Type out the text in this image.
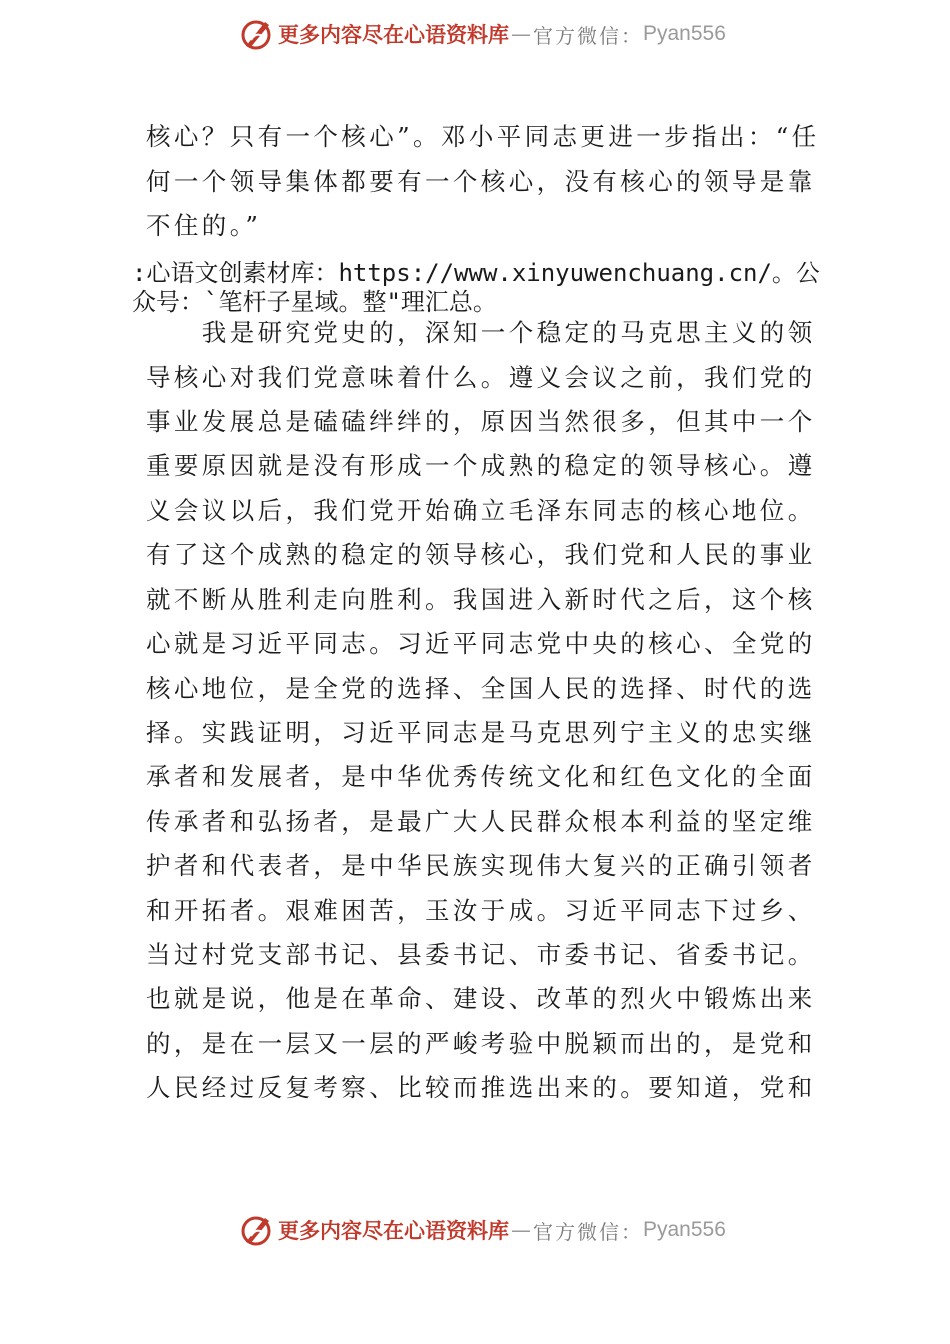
更多内容尽在心语资料库 — 官方微信： Pyan556
核心？只有一个核心”。邓小平同志更进一步指出：“任
何一个领导集体都要有一个核心，没有核心的领导是靠
不住的。”
:心语文创素材库：https://www.xinyuwenchuang.cn/。公
众号：`笔杆子星域。整"理汇总。
　　我是研究党史的，深知一个稳定的马克思主义的领
导核心对我们党意味着什么。遵义会议之前，我们党的
事业发展总是磕磕绊绊的，原因当然很多，但其中一个
重要原因就是没有形成一个成熟的稳定的领导核心。遵
义会议以后，我们党开始确立毛泽东同志的核心地位。
有了这个成熟的稳定的领导核心，我们党和人民的事业
就不断从胜利走向胜利。我国进入新时代之后，这个核
心就是习近平同志。习近平同志党中央的核心、全党的
核心地位，是全党的选择、全国人民的选择、时代的选
择。实践证明，习近平同志是马克思列宁主义的忠实继
承者和发展者，是中华优秀传统文化和红色文化的全面
传承者和弘扬者，是最广大人民群众根本利益的坚定维
护者和代表者，是中华民族实现伟大复兴的正确引领者
和开拓者。艰难困苦，玉汝于成。习近平同志下过乡、
当过村党支部书记、县委书记、市委书记、省委书记。
也就是说，他是在革命、建设、改革的烈火中锻炼出来
的，是在一层又一层的严峻考验中脱颖而出的，是党和
人民经过反复考察、比较而推选出来的。要知道，党和
更多内容尽在心语资料库 — 官方微信： Pyan556
